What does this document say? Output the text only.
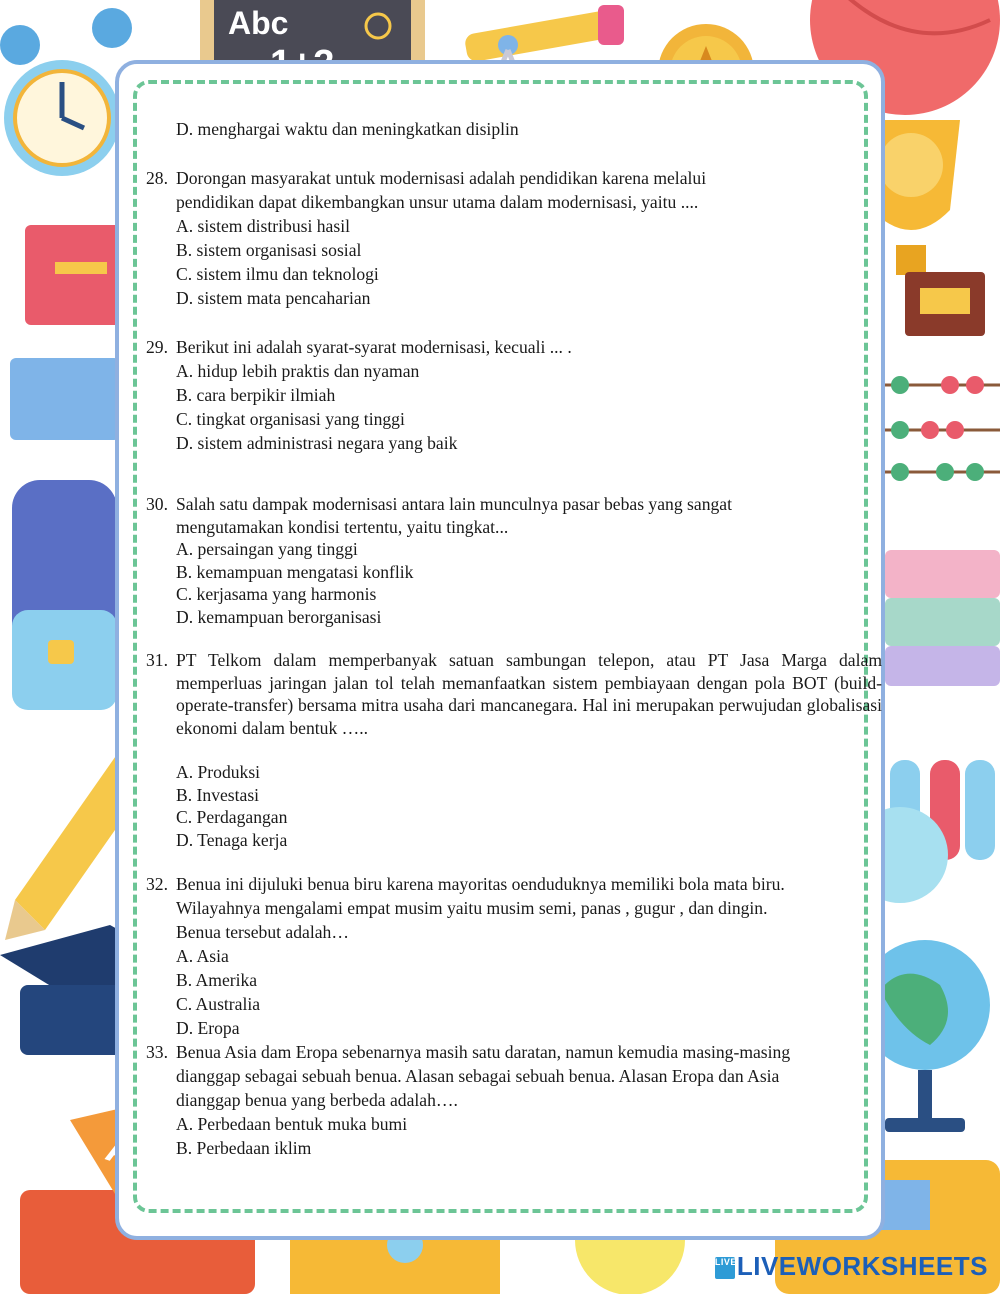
Abc
D. menghargai waktu dan meningkatkan disiplin
28. Dorongan masyarakat untuk modernisasi adalah pendidikan karena melalui
pendidikan dapat dikembangkan unsur utama dalam modernisasi, yaitu ....
A. sistem distribusi hasil
B. sistem organisasi sosial
C. sistem ilmu dan teknologi
D. sistem mata pencaharian
29. Berikut ini adalah syarat-syarat modernisasi, kecuali ... .
A. hidup lebih praktis dan nyaman
B. cara berpikir ilmiah
C. tingkat organisasi yang tinggi
D. sistem administrasi negara yang baik
30. Salah satu dampak modernisasi antara lain munculnya pasar bebas yang sangat
mengutamakan kondisi tertentu, yaitu tingkat...
A. persaingan yang tinggi
B. kemampuan mengatasi konflik
C. kerjasama yang harmonis
D. kemampuan berorganisasi
31. PT Telkom dalam memperbanyak satuan sambungan telepon, atau PT Jasa Marga dalam memperluas jaringan jalan tol telah memanfaatkan sistem pembiayaan dengan pola BOT (build-operate-transfer) bersama mitra usaha dari mancanegara. Hal ini merupakan perwujudan globalisasi ekonomi dalam bentuk …..
A. Produksi
B. Investasi
C. Perdagangan
D. Tenaga kerja
32. Benua ini dijuluki benua biru karena mayoritas oenduduknya memiliki bola mata biru.
Wilayahnya mengalami empat musim yaitu musim semi, panas , gugur , dan dingin.
Benua tersebut adalah…
A. Asia
B. Amerika
C. Australia
D. Eropa
33. Benua Asia dam Eropa sebenarnya masih satu daratan, namun kemudia masing-masing
dianggap sebagai sebuah benua. Alasan sebagai sebuah benua. Alasan Eropa dan Asia
dianggap benua yang berbeda adalah….
A. Perbedaan bentuk muka bumi
B. Perbedaan iklim
LIVELIVEWORKSHEETS
